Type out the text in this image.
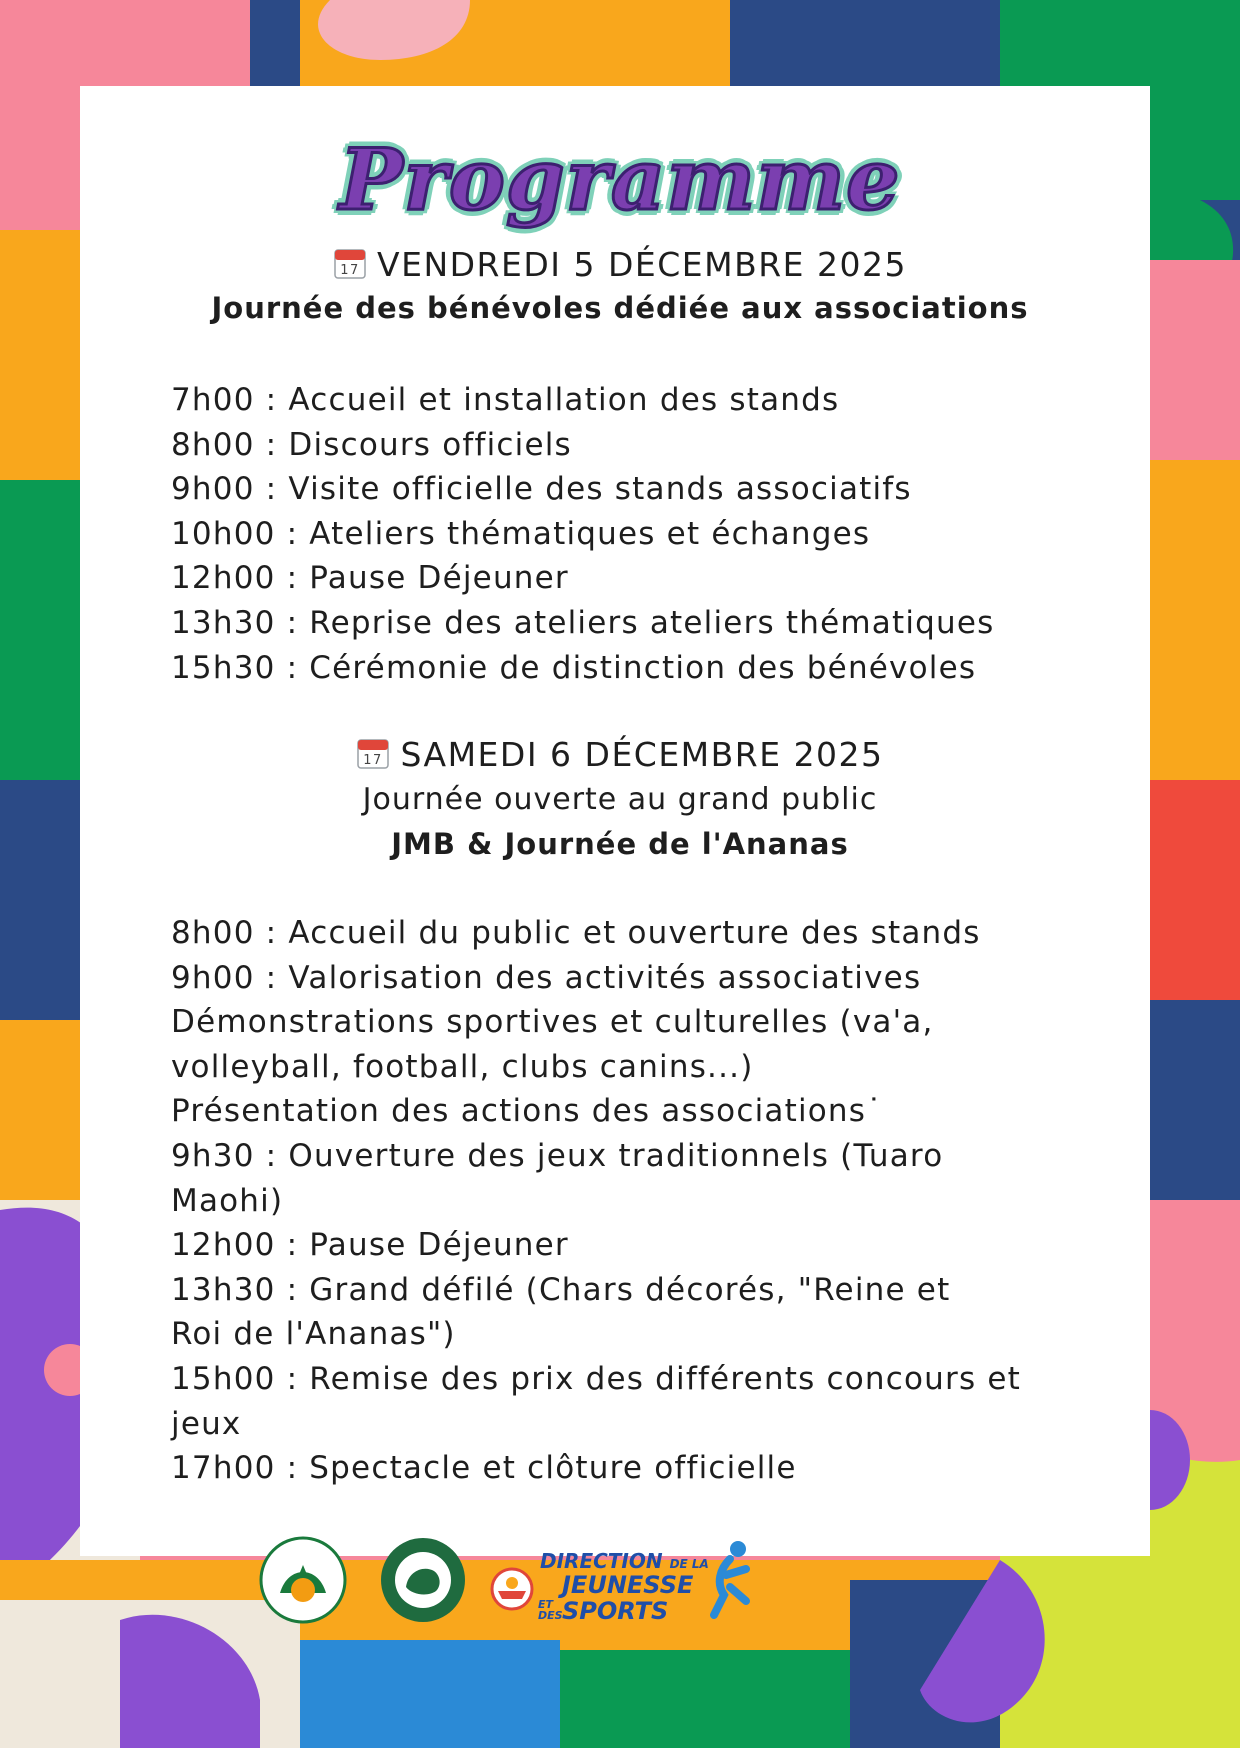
Programme
17 VENDREDI 5 DÉCEMBRE 2025
Journée des bénévoles dédiée aux associations
7h00 : Accueil et installation des stands
8h00 : Discours officiels
9h00 : Visite officielle des stands associatifs
10h00 : Ateliers thématiques et échanges
12h00 : Pause Déjeuner
13h30 : Reprise des ateliers ateliers thématiques
15h30 : Cérémonie de distinction des bénévoles
17 SAMEDI 6 DÉCEMBRE 2025
Journée ouverte au grand public
JMB & Journée de l'Ananas
8h00 : Accueil du public et ouverture des stands
9h00 : Valorisation des activités associatives
Démonstrations sportives et culturelles (va'a,
volleyball, football, clubs canins...)
Présentation des actions des associations˙
9h30 : Ouverture des jeux traditionnels (Tuaro
Maohi)
12h00 : Pause Déjeuner
13h30 : Grand défilé (Chars décorés, "Reine et
Roi de l'Ananas")
15h00 : Remise des prix des différents concours et
jeux
17h00 : Spectacle et clôture officielle
DIRECTION DE LA
JEUNESSE
ET DES SPORTS
